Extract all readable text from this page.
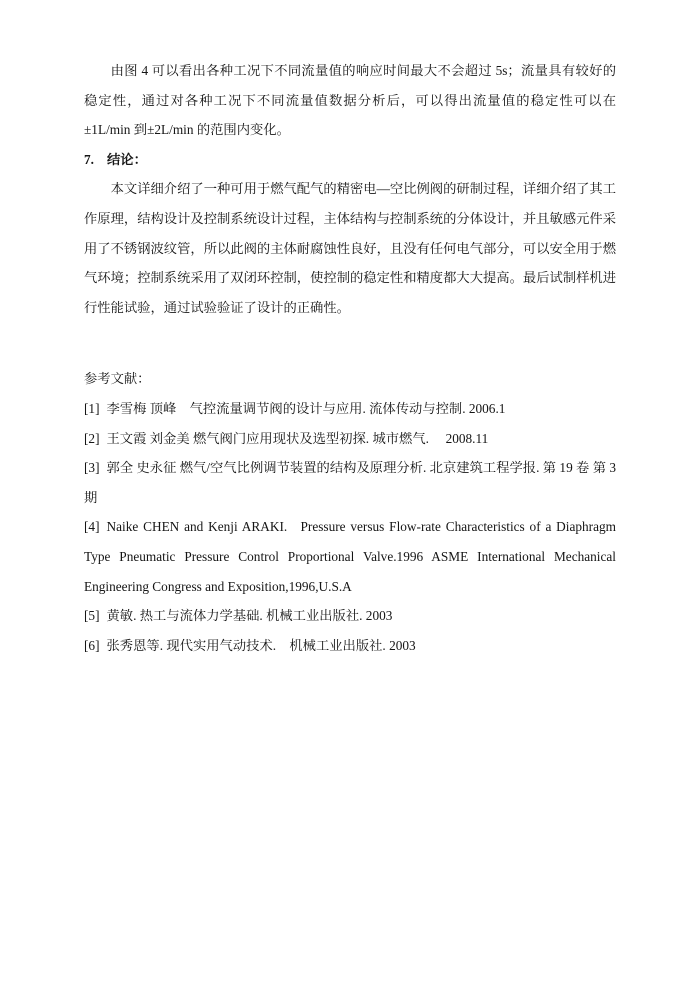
由图 4 可以看出各种工况下不同流量值的响应时间最大不会超过 5s；流量具有较好的稳定性，通过对各种工况下不同流量值数据分析后，可以得出流量值的稳定性可以在±1L/min 到±2L/min 的范围内变化。

7. 结论：

本文详细介绍了一种可用于燃气配气的精密电—空比例阀的研制过程，详细介绍了其工作原理，结构设计及控制系统设计过程，主体结构与控制系统的分体设计，并且敏感元件采用了不锈钢波纹管，所以此阀的主体耐腐蚀性良好，且没有任何电气部分，可以安全用于燃气环境；控制系统采用了双闭环控制，使控制的稳定性和精度都大大提高。最后试制样机进行性能试验，通过试验验证了设计的正确性。

参考文献：

[1] 李雪梅 顶峰　气控流量调节阀的设计与应用. 流体传动与控制. 2006.1

[2] 王文霞 刘金美 燃气阀门应用现状及选型初探. 城市燃气.　 2008.11

[3] 郭全 史永征 燃气/空气比例调节装置的结构及原理分析. 北京建筑工程学报. 第 19 卷 第 3 期

[4] Naike CHEN and Kenji ARAKI. Pressure versus Flow-rate Characteristics of a Diaphragm Type Pneumatic Pressure Control Proportional Valve.1996 ASME International Mechanical Engineering Congress and Exposition,1996,U.S.A

[5] 黄敏. 热工与流体力学基础. 机械工业出版社. 2003

[6] 张秀恩等. 现代实用气动技术.　机械工业出版社. 2003
